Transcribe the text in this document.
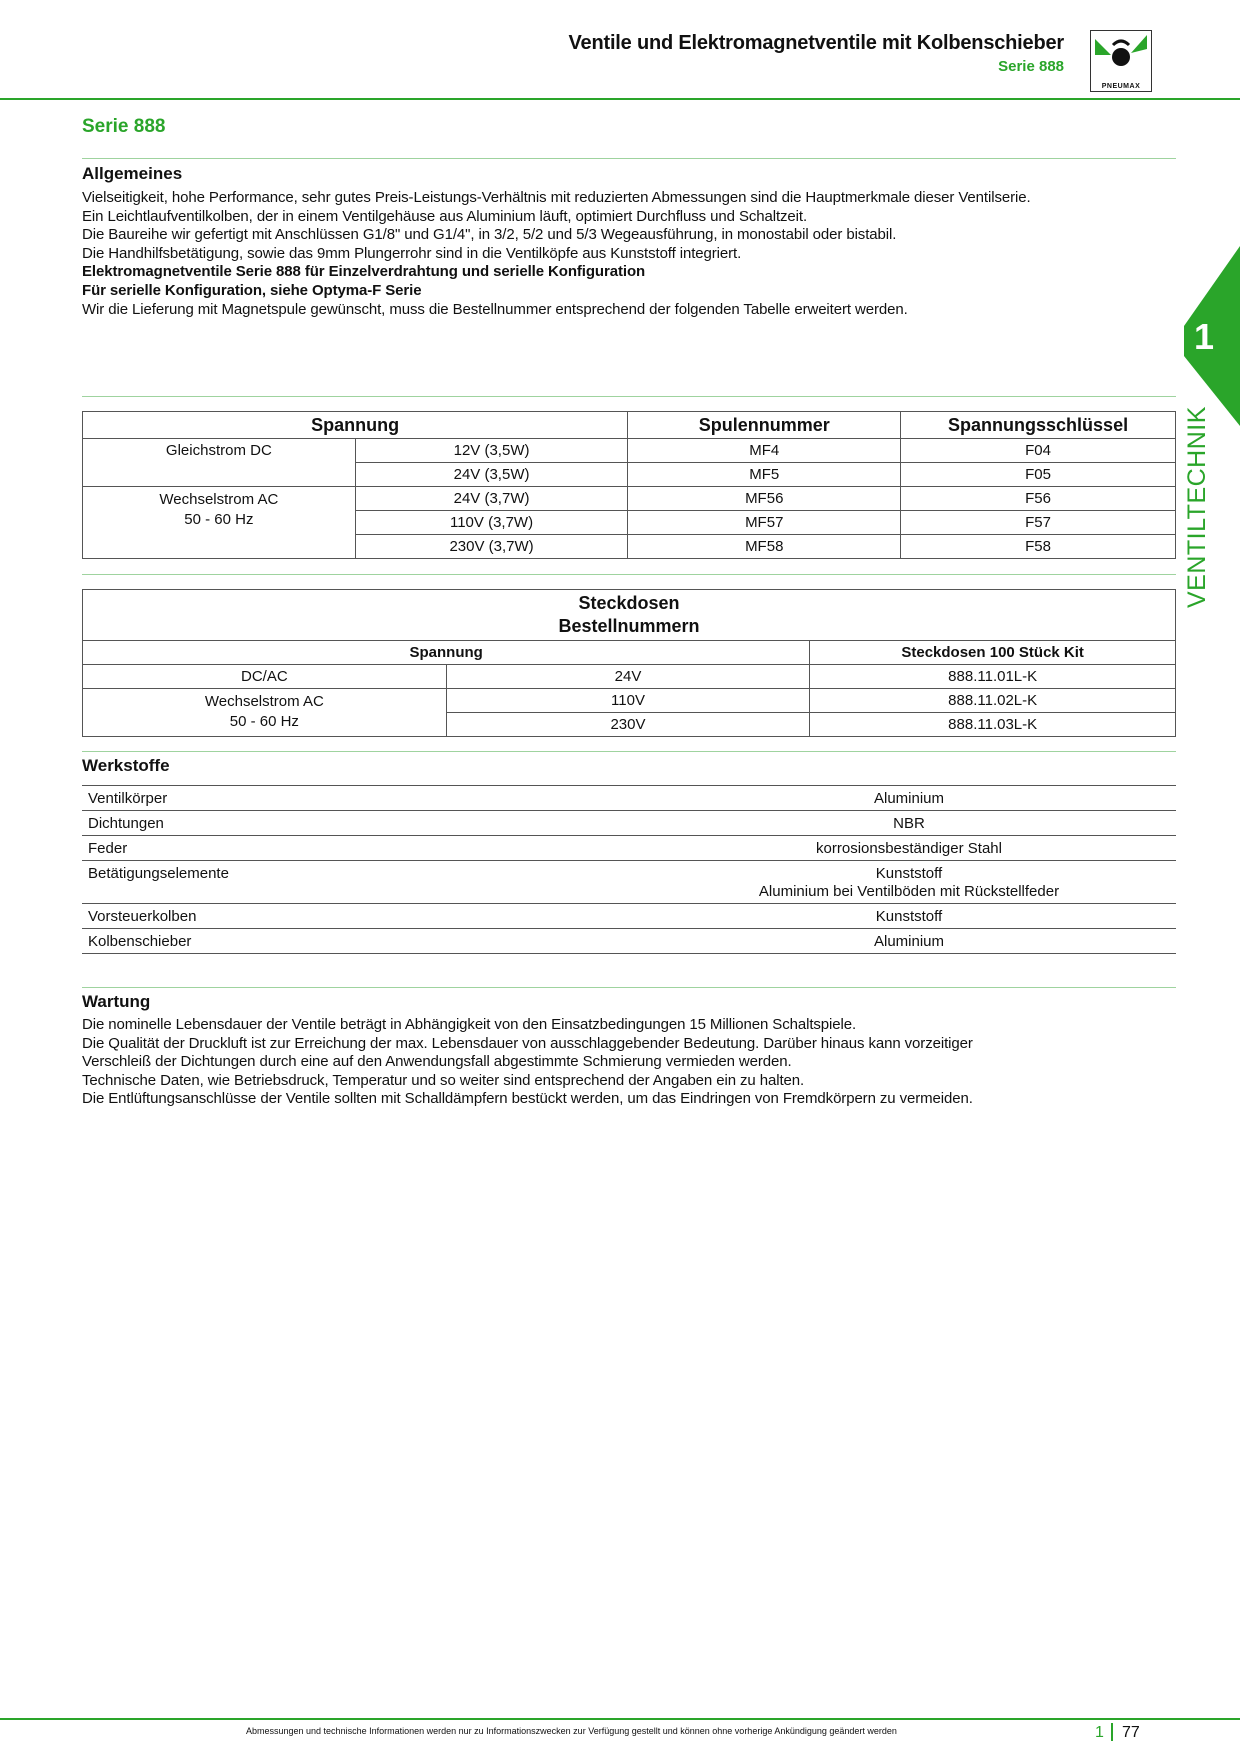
Ventile und Elektromagnetventile mit Kolbenschieber
Serie 888
PNEUMAX
Serie 888
Allgemeines
Vielseitigkeit, hohe Performance, sehr gutes Preis-Leistungs-Verhältnis mit reduzierten Abmessungen sind die Hauptmerkmale dieser Ventilserie.
Ein Leichtlaufventilkolben, der in einem Ventilgehäuse aus Aluminium läuft, optimiert Durchfluss und Schaltzeit.
Die Baureihe wir gefertigt mit Anschlüssen G1/8" und G1/4", in 3/2, 5/2 und 5/3 Wegeausführung, in monostabil oder bistabil.
Die Handhilfsbetätigung, sowie das 9mm Plungerrohr sind in die Ventilköpfe aus Kunststoff integriert.
Elektromagnetventile Serie 888 für Einzelverdrahtung und serielle Konfiguration
Für serielle Konfiguration, siehe Optyma-F Serie
Wir die Lieferung mit Magnetspule gewünscht, muss die Bestellnummer entsprechend der folgenden Tabelle erweitert werden.
Spannung		Spulennummer	Spannungsschlüssel
Gleichstrom DC	12V (3,5W)	MF4	F04
	24V (3,5W)	MF5	F05

Wechselstrom AC
50 - 60 Hz	24V (3,7W)	MF56	F56
	110V (3,7W)	MF57	F57
	230V (3,7W)	MF58	F58
Steckdosen
Bestellnummern		

Spannung		Steckdosen 100 Stück Kit
DC/AC	24V	888.11.01L-K

Wechselstrom AC
50 - 60 Hz	110V	888.11.02L-K
	230V	888.11.03L-K
Werkstoffe
Ventilkörper	Aluminium
Dichtungen	NBR
Feder	korrosionsbeständiger Stahl
Betätigungselemente	Kunststoff
Aluminium bei Ventilböden mit Rückstellfeder
Vorsteuerkolben	Kunststoff
Kolbenschieber	Aluminium
Wartung
Die nominelle Lebensdauer der Ventile beträgt in Abhängigkeit von den Einsatzbedingungen 15 Millionen Schaltspiele.
Die Qualität der Druckluft ist zur Erreichung der max. Lebensdauer von ausschlaggebender Bedeutung. Darüber hinaus kann vorzeitiger
Verschleiß der Dichtungen durch eine auf den Anwendungsfall abgestimmte Schmierung vermieden werden.
Technische Daten, wie Betriebsdruck, Temperatur und so weiter sind entsprechend der Angaben ein zu halten.
Die Entlüftungsanschlüsse der Ventile sollten mit Schalldämpfern bestückt werden, um das Eindringen von Fremdkörpern zu vermeiden.
1
VENTILTECHNIK
Abmessungen und technische Informationen werden nur zu Informationszwecken zur Verfügung gestellt und können ohne vorherige Ankündigung geändert werden	1 77
